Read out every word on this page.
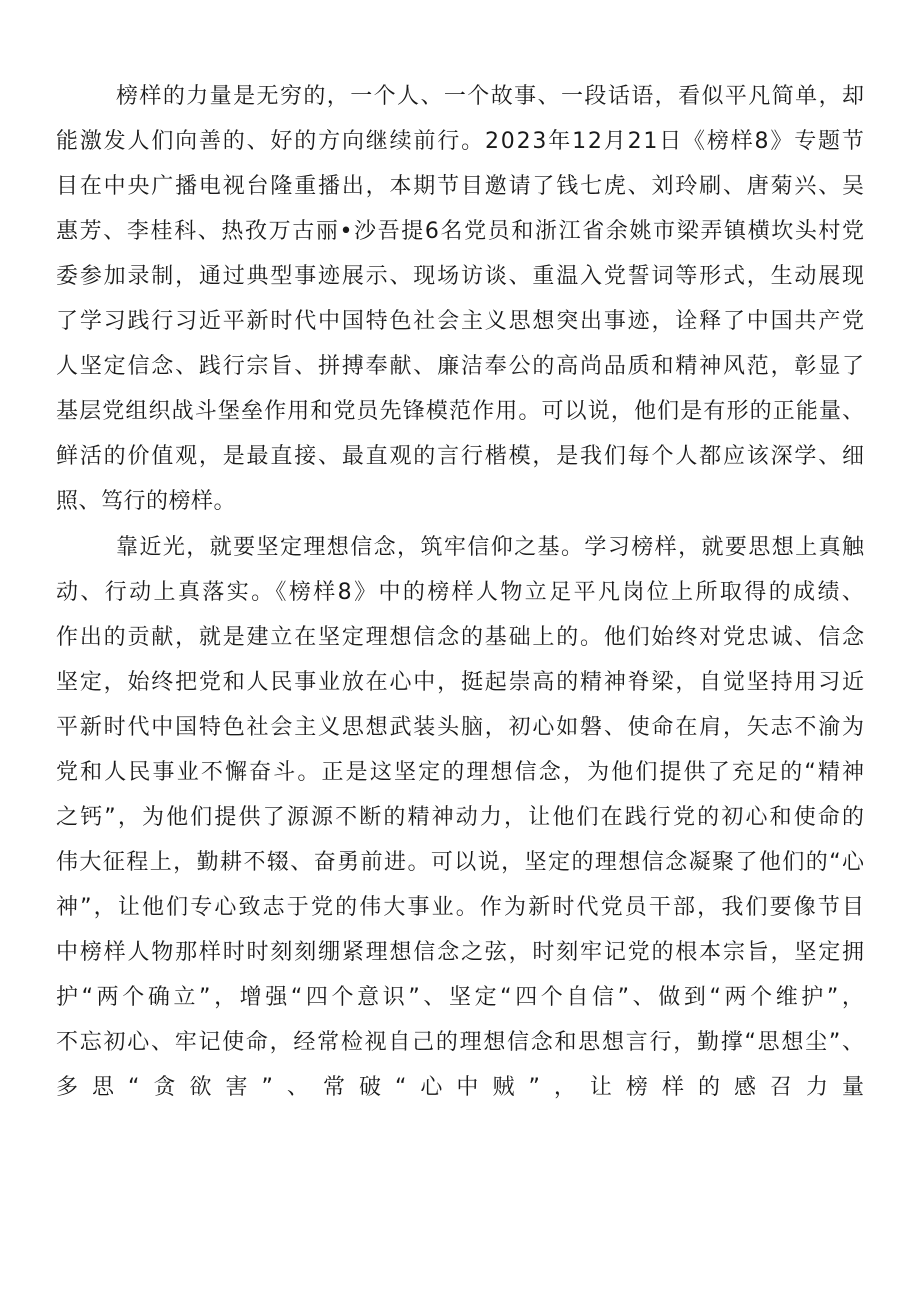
榜样的力量是无穷的，一个人、一个故事、一段话语，看似平凡简单，却

能激发人们向善的、好的方向继续前行。2023年12月21日《榜样8》专题节

目在中央广播电视台隆重播出，本期节目邀请了钱七虎、刘玲刷、唐菊兴、吴

惠芳、李桂科、热孜万古丽•沙吾提6名党员和浙江省余姚市梁弄镇横坎头村党

委参加录制，通过典型事迹展示、现场访谈、重温入党誓词等形式，生动展现

了学习践行习近平新时代中国特色社会主义思想突出事迹，诠释了中国共产党

人坚定信念、践行宗旨、拼搏奉献、廉洁奉公的高尚品质和精神风范，彰显了

基层党组织战斗堡垒作用和党员先锋模范作用。可以说，他们是有形的正能量、

鲜活的价值观，是最直接、最直观的言行楷模，是我们每个人都应该深学、细

照、笃行的榜样。

靠近光，就要坚定理想信念，筑牢信仰之基。学习榜样，就要思想上真触

动、行动上真落实。《榜样8》中的榜样人物立足平凡岗位上所取得的成绩、

作出的贡献，就是建立在坚定理想信念的基础上的。他们始终对党忠诚、信念

坚定，始终把党和人民事业放在心中，挺起崇高的精神脊梁，自觉坚持用习近

平新时代中国特色社会主义思想武装头脑，初心如磐、使命在肩，矢志不渝为

党和人民事业不懈奋斗。正是这坚定的理想信念，为他们提供了充足的“精神

之钙”，为他们提供了源源不断的精神动力，让他们在践行党的初心和使命的

伟大征程上，勤耕不辍、奋勇前进。可以说，坚定的理想信念凝聚了他们的“心

神”，让他们专心致志于党的伟大事业。作为新时代党员干部，我们要像节目

中榜样人物那样时时刻刻绷紧理想信念之弦，时刻牢记党的根本宗旨，坚定拥

护“两个确立”，增强“四个意识”、坚定“四个自信”、做到“两个维护”，

不忘初心、牢记使命，经常检视自己的理想信念和思想言行，勤撑“思想尘”、

多思“贪欲害”、常破“心中贼”，让榜样的感召力量
